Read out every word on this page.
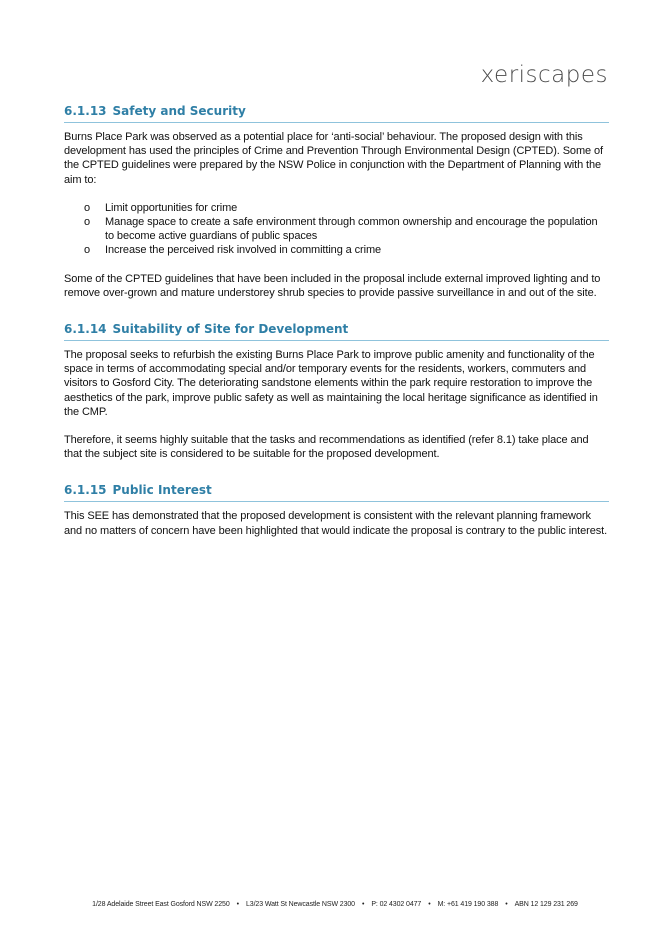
xeriscapes
6.1.13 Safety and Security

Burns Place Park was observed as a potential place for ‘anti-social’ behaviour. The proposed design with this development has used the principles of Crime and Prevention Through Environmental Design (CPTED). Some of the CPTED guidelines were prepared by the NSW Police in conjunction with the Department of Planning with the aim to:

o Limit opportunities for crime
o Manage space to create a safe environment through common ownership and encourage the population to become active guardians of public spaces
o Increase the perceived risk involved in committing a crime

Some of the CPTED guidelines that have been included in the proposal include external improved lighting and to remove over-grown and mature understorey shrub species to provide passive surveillance in and out of the site.

6.1.14 Suitability of Site for Development

The proposal seeks to refurbish the existing Burns Place Park to improve public amenity and functionality of the space in terms of accommodating special and/or temporary events for the residents, workers, commuters and visitors to Gosford City. The deteriorating sandstone elements within the park require restoration to improve the aesthetics of the park, improve public safety as well as maintaining the local heritage significance as identified in the CMP.

Therefore, it seems highly suitable that the tasks and recommendations as identified (refer 8.1) take place and that the subject site is considered to be suitable for the proposed development.

6.1.15 Public Interest

This SEE has demonstrated that the proposed development is consistent with the relevant planning framework and no matters of concern have been highlighted that would indicate the proposal is contrary to the public interest.

1/28 Adelaide Street East Gosford NSW 2250 • L3/23 Watt St Newcastle NSW 2300 • P: 02 4302 0477 • M: +61 419 190 388 • ABN 12 129 231 269
